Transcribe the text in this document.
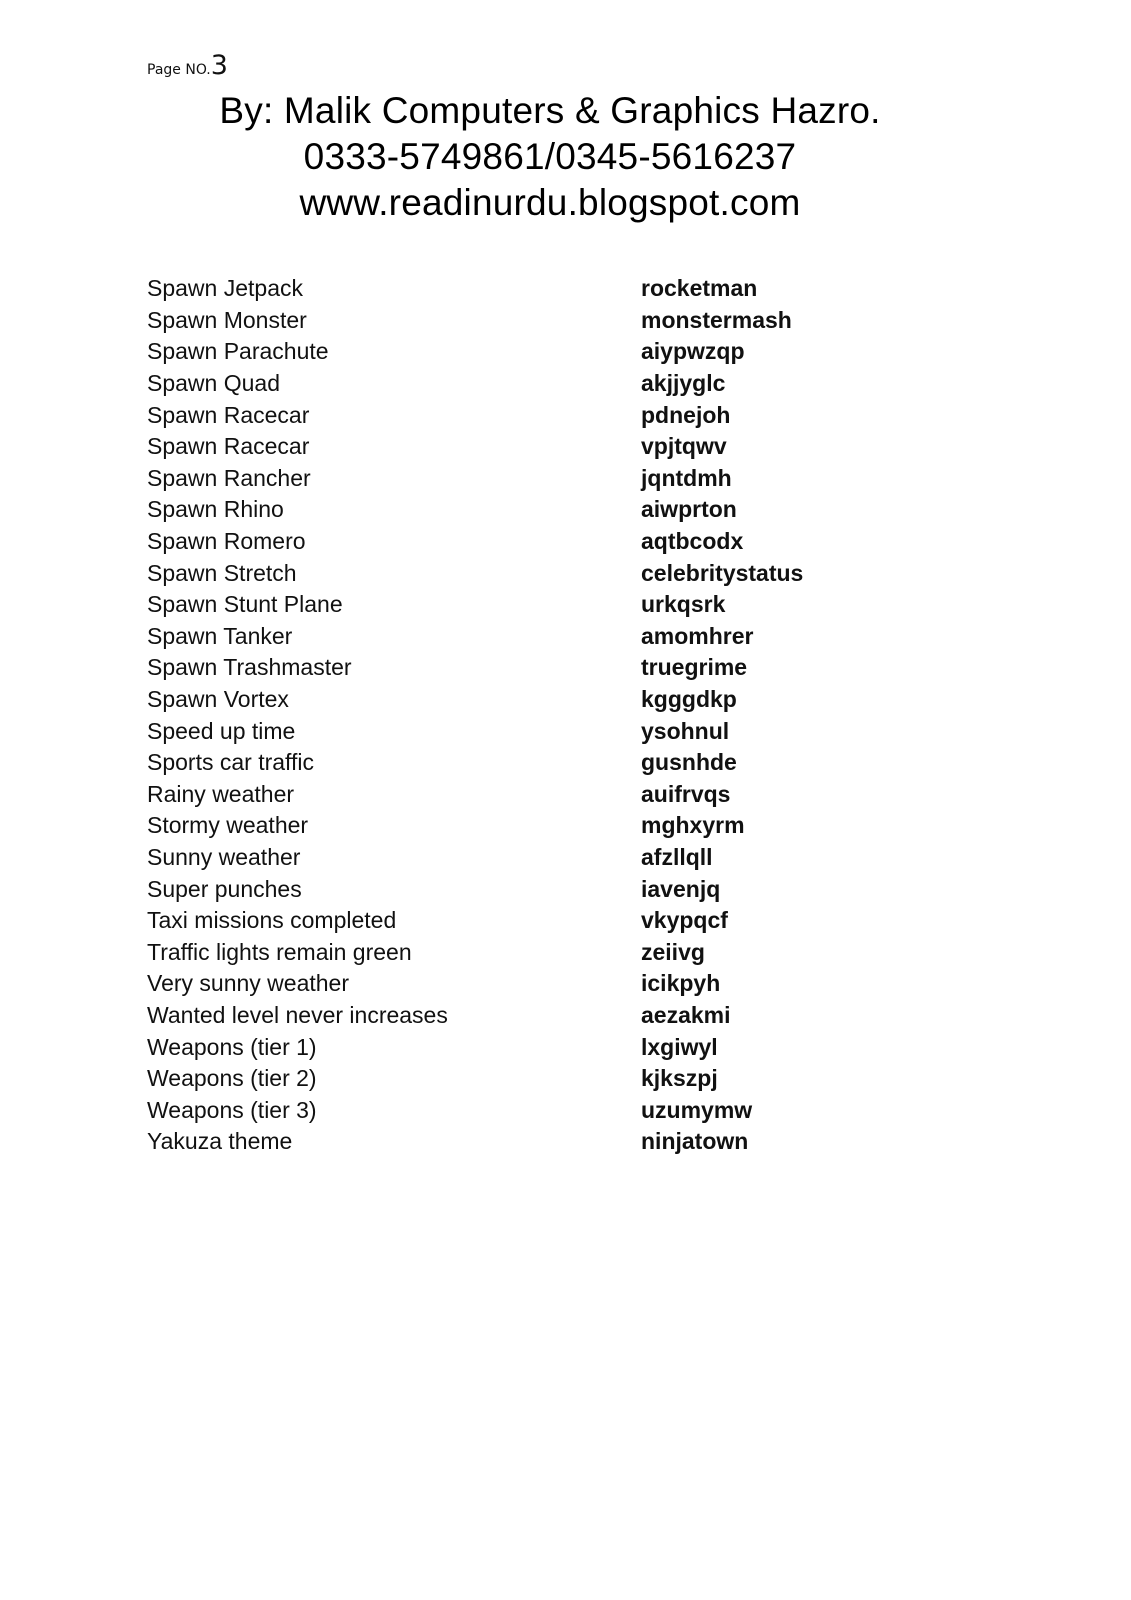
Page NO.3
By: Malik Computers & Graphics Hazro.
0333-5749861/0345-5616237
www.readinurdu.blogspot.com
Spawn Jetpack	rocketman
Spawn Monster	monstermash
Spawn Parachute	aiypwzqp
Spawn Quad	akjjyglc
Spawn Racecar	pdnejoh
Spawn Racecar	vpjtqwv
Spawn Rancher	jqntdmh
Spawn Rhino	aiwprton
Spawn Romero	aqtbcodx
Spawn Stretch	celebritystatus
Spawn Stunt Plane	urkqsrk
Spawn Tanker	amomhrer
Spawn Trashmaster	truegrime
Spawn Vortex	kgggdkp
Speed up time	ysohnul
Sports car traffic	gusnhde
Rainy weather	auifrvqs
Stormy weather	mghxyrm
Sunny weather	afzllqll
Super punches	iavenjq
Taxi missions completed	vkypqcf
Traffic lights remain green	zeiivg
Very sunny weather	icikpyh
Wanted level never increases	aezakmi
Weapons (tier 1)	lxgiwyl
Weapons (tier 2)	kjkszpj
Weapons (tier 3)	uzumymw
Yakuza theme	ninjatown
